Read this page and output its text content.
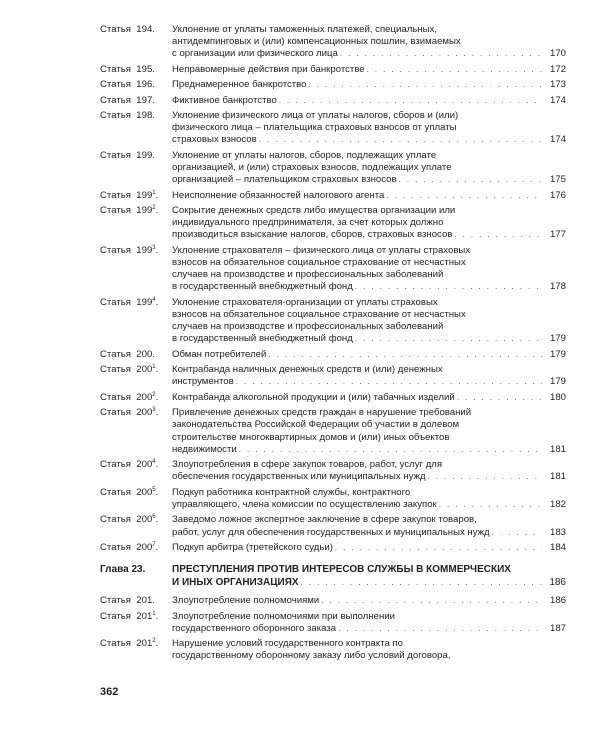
Статья 194.	Уклонение от уплаты таможенных платежей, специальных,
антидемпинговых и (или) компенсационных пошлин, взимаемых
с организации или физического лица . . .	170
Статья 195.	Неправомерные действия при банкротстве . . .	172
Статья 196.	Преднамеренное банкротство . . .	173
Статья 197.	Фиктивное банкротство . . .	174
Статья 198.	Уклонение физического лица от уплаты налогов, сборов и (или)
физического лица – плательщика страховых взносов от уплаты
страховых взносов . . .	174
Статья 199.	Уклонение от уплаты налогов, сборов, подлежащих уплате
организацией, и (или) страховых взносов, подлежащих уплате
организацией – плательщиком страховых взносов . . .	175
Статья $199^1$.	Неисполнение обязанностей налогового агента . . .	176
Статья $199^2$.	Сокрытие денежных средств либо имущества организации или
индивидуального предпринимателя, за счет которых должно
производиться взыскание налогов, сборов, страховых взносов . . .	177
Статья $199^3$.	Уклонение страхователя – физического лица от уплаты страховых
взносов на обязательное социальное страхование от несчастных
случаев на производстве и профессиональных заболеваний
в государственный внебюджетный фонд . . .	178
Статья $199^4$.	Уклонение страхователя-организации от уплаты страховых
взносов на обязательное социальное страхование от несчастных
случаев на производстве и профессиональных заболеваний
в государственный внебюджетный фонд . . .	179
Статья 200.	Обман потребителей . . .	179
Статья $200^1$.	Контрабанда наличных денежных средств и (или) денежных
инструментов . . .	179
Статья $200^2$.	Контрабанда алкогольной продукции и (или) табачных изделий . . .	180
Статья $200^3$.	Привлечение денежных средств граждан в нарушение требований
законодательства Российской Федерации об участии в долевом
строительстве многоквартирных домов и (или) иных объектов
недвижимости . . .	181
Статья $200^4$.	Злоупотребления в сфере закупок товаров, работ, услуг для
обеспечения государственных или муниципальных нужд . . .	181
Статья $200^5$.	Подкуп работника контрактной службы, контрактного
управляющего, члена комиссии по осуществлению закупок . . .	182
Статья $200^6$.	Заведомо ложное экспертное заключение в сфере закупок товаров,
работ, услуг для обеспечения государственных и муниципальных нужд . . .	183
Статья $200^7$.	Подкуп арбитра (третейского судьи) . . .	184
Глава 23.	ПРЕСТУПЛЕНИЯ ПРОТИВ ИНТЕРЕСОВ СЛУЖБЫ В КОММЕРЧЕСКИХ
И ИНЫХ ОРГАНИЗАЦИЯХ . . .	186
Статья 201.	Злоупотребление полномочиями . . .	186
Статья $201^1$.	Злоупотребление полномочиями при выполнении
государственного оборонного заказа . . .	187
Статья $201^2$.	Нарушение условий государственного контракта по
государственному оборонному заказу либо условий договора,
362
